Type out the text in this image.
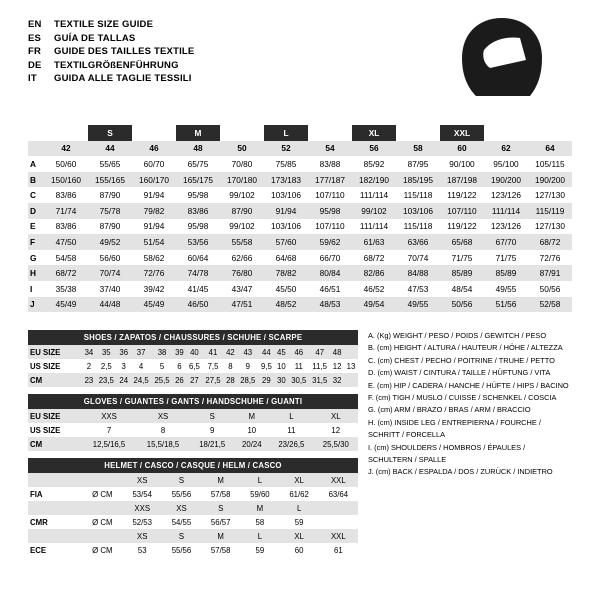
EN	TEXTILE SIZE GUIDE
ES	GUÍA DE TALLAS
FR	GUIDE DES TAILLES TEXTILE
DE	TEXTILGRÖßENFÜHRUNG
IT	GUIDA ALLE TAGLIE TESSILI
		S		M		L		XL		XXL		
	42	44	46	48	50	52	54	56	58	60	62	64
A	50/60	55/65	60/70	65/75	70/80	75/85	83/88	85/92	87/95	90/100	95/100	105/115
B	150/160	155/165	160/170	165/175	170/180	173/183	177/187	182/190	185/195	187/198	190/200	190/200
C	83/86	87/90	91/94	95/98	99/102	103/106	107/110	111/114	115/118	119/122	123/126	127/130
D	71/74	75/78	79/82	83/86	87/90	91/94	95/98	99/102	103/106	107/110	111/114	115/119
E	83/86	87/90	91/94	95/98	99/102	103/106	107/110	111/114	115/118	119/122	123/126	127/130
F	47/50	49/52	51/54	53/56	55/58	57/60	59/62	61/63	63/66	65/68	67/70	68/72
G	54/58	56/60	58/62	60/64	62/66	64/68	66/70	68/72	70/74	71/75	71/75	72/76
H	68/72	70/74	72/76	74/78	76/80	78/82	80/84	82/86	84/88	85/89	85/89	87/91
I	35/38	37/40	39/42	41/45	43/47	45/50	46/51	46/52	47/53	48/54	49/55	50/56
J	45/49	44/48	45/49	46/50	47/51	48/52	48/53	49/54	49/55	50/56	51/56	52/58
SHOES / ZAPATOS / CHAUSSURES / SCHUHE / SCARPE																
EU SIZE	34	35	36	37	38	39	40	41	42	43	44	45	46	47	48	
US SIZE	2	2,5	3	4	5	6	6,5	7,5	8	9	9,5	10	11	11,5	12	13
CM	23	23,5	24	24,5	25,5	26	27	27,5	28	28,5	29	30	30,5	31,5	32	
GLOVES / GUANTES / GANTS / HANDSCHUHE / GUANTI						
EU SIZE	XXS	XS	S	M	L	XL
US SIZE	7	8	9	10	11	12
CM	12,5/16,5	15,5/18,5	18/21,5	20/24	23/26,5	25,5/30
HELMET / CASCO / CASQUE / HELM / CASCO							
		XS	S	M	L	XL	XXL
FIA	Ø CM	53/54	55/56	57/58	59/60	61/62	63/64
		XXS	XS	S	M	L	
CMR	Ø CM	52/53	54/55	56/57	58	59	
		XS	S	M	L	XL	XXL
ECE	Ø CM	53	55/56	57/58	59	60	61
A. (Kg) WEIGHT / PESO / POIDS / GEWITCH / PESO
B. (cm) HEIGHT / ALTURA / HAUTEUR / HÖHE / ALTEZZA
C. (cm) CHEST / PECHO / POITRINE / TRUHE / PETTO
D. (cm) WAIST / CINTURA / TAILLE / HÜFTUNG / VITA
E. (cm) HIP / CADERA / HANCHE / HÜFTE / HIPS / BACINO
F. (cm) TIGH / MUSLO / CUISSE / SCHENKEL / COSCIA
G. (cm) ARM / BRAZO / BRAS / ARM / BRACCIO
H. (cm) INSIDE LEG / ENTREPIERNA / FOURCHE /
SCHRITT / FORCELLA
I. (cm) SHOULDERS / HOMBROS / ÉPAULES /
SCHULTERN / SPALLE
J. (cm) BACK / ESPALDA / DOS / ZURÜCK / INDIETRO
